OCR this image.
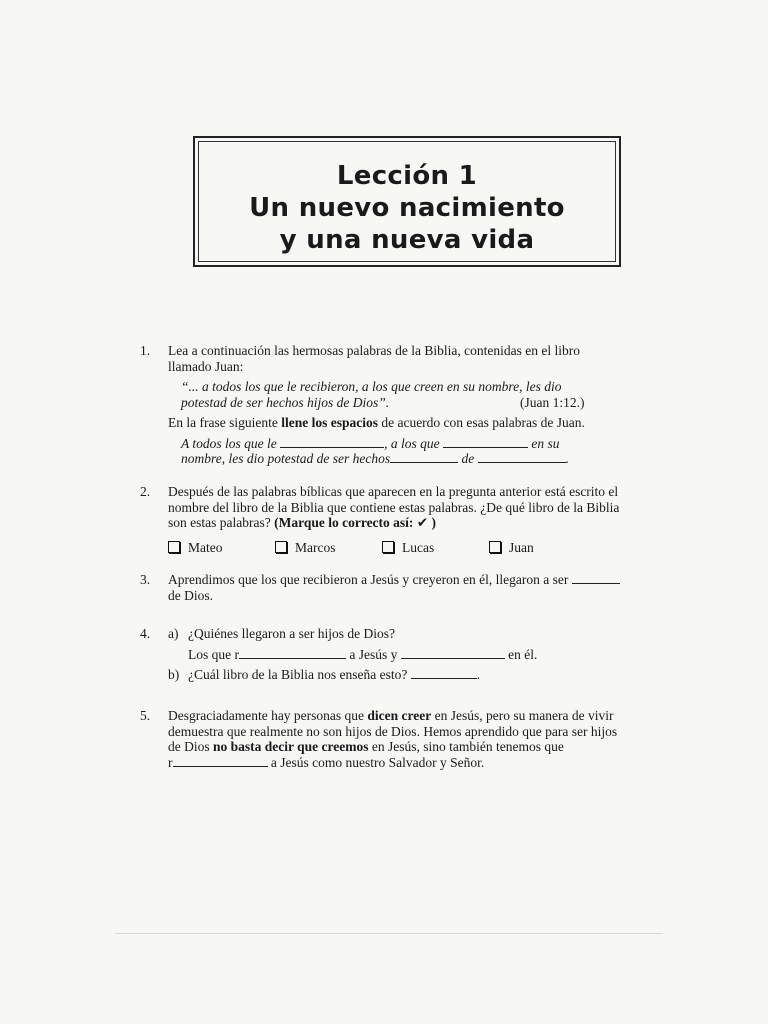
Lección 1
Un nuevo nacimiento
y una nueva vida
1. Lea a continuación las hermosas palabras de la Biblia, contenidas en el libro
llamado Juan:
“... a todos los que le recibieron, a los que creen en su nombre, les dio
potestad de ser hechos hijos de Dios”.	(Juan 1:12.)
En la frase siguiente llene los espacios de acuerdo con esas palabras de Juan.
A todos los que le	, a los que	en su
nombre, les dio potestad de ser hechos	de	.
2. Después de las palabras bíblicas que aparecen en la pregunta anterior está escrito el
nombre del libro de la Biblia que contiene estas palabras. ¿De qué libro de la Biblia
son estas palabras? (Marque lo correcto así: ✔ )
Mateo	Marcos	Lucas	Juan
3. Aprendimos que los que recibieron a Jesús y creyeron en él, llegaron a ser
de Dios.
4. a) ¿Quiénes llegaron a ser hijos de Dios?
Los que r	a Jesús y	en él.
b) ¿Cuál libro de la Biblia nos enseña esto?	.
5. Desgraciadamente hay personas que dicen creer en Jesús, pero su manera de vivir
demuestra que realmente no son hijos de Dios. Hemos aprendido que para ser hijos
de Dios no basta decir que creemos en Jesús, sino también tenemos que
r	a Jesús como nuestro Salvador y Señor.
